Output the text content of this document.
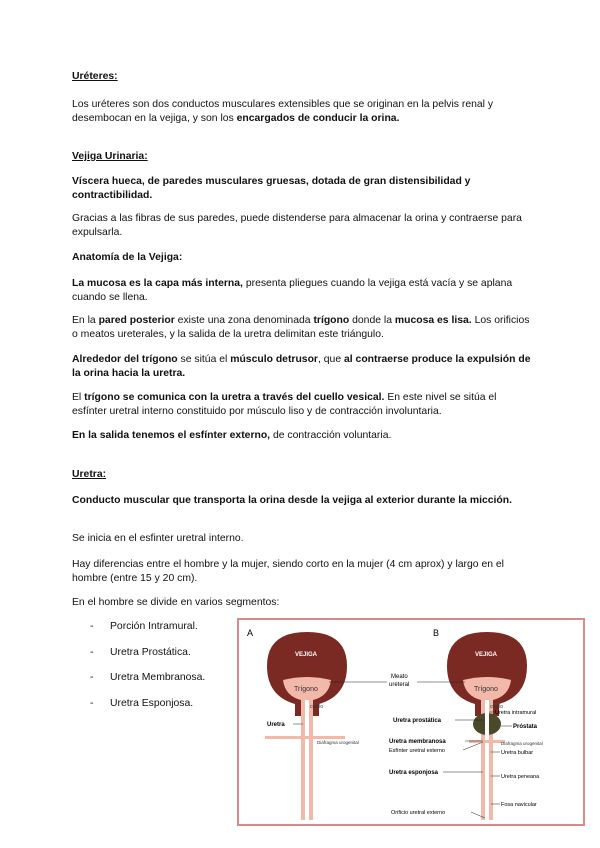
Uréteres:

Los uréteres son dos conductos musculares extensibles que se originan en la pelvis renal y desembocan en la vejiga, y son los encargados de conducir la orina.

Vejiga Urinaria:

Víscera hueca, de paredes musculares gruesas, dotada de gran distensibilidad y contractibilidad.

Gracias a las fibras de sus paredes, puede distenderse para almacenar la orina y contraerse para expulsarla.

Anatomía de la Vejiga:

La mucosa es la capa más interna, presenta pliegues cuando la vejiga está vacía y se aplana cuando se llena.

En la pared posterior existe una zona denominada trígono donde la mucosa es lisa. Los orificios o meatos ureterales, y la salida de la uretra delimitan este triángulo.

Alrededor del trígono se sitúa el músculo detrusor, que al contraerse produce la expulsión de la orina hacia la uretra.

El trígono se comunica con la uretra a través del cuello vesical. En este nivel se sitúa el esfínter uretral interno constituido por músculo liso y de contracción involuntaria.

En la salida tenemos el esfínter externo, de contracción voluntaria.

Uretra:

Conducto muscular que transporta la orina desde la vejiga al exterior durante la micción.

Se inicia en el esfinter uretral interno.

Hay diferencias entre el hombre y la mujer, siendo corto en la mujer (4 cm aprox) y largo en el hombre (entre 15 y 20 cm).

En el hombre se divide en varios segmentos:

- Porción Intramural.
- Uretra Prostática.
- Uretra Membranosa.
- Uretra Esponjosa.
A	B
VEJIGA
Trígono
cuello
Uretra
Diafragma urogenital
VEJIGA
Trígono
cuello
Meato
ureteral
Uretra intramural
Uretra prostática
Próstata
Diafragma urogenital
Uretra membranosa
Esfínter uretral externo	Uretra bulbar
Uretra esponjosa
Uretra peneana
Fosa navicular
Orificio uretral externo
